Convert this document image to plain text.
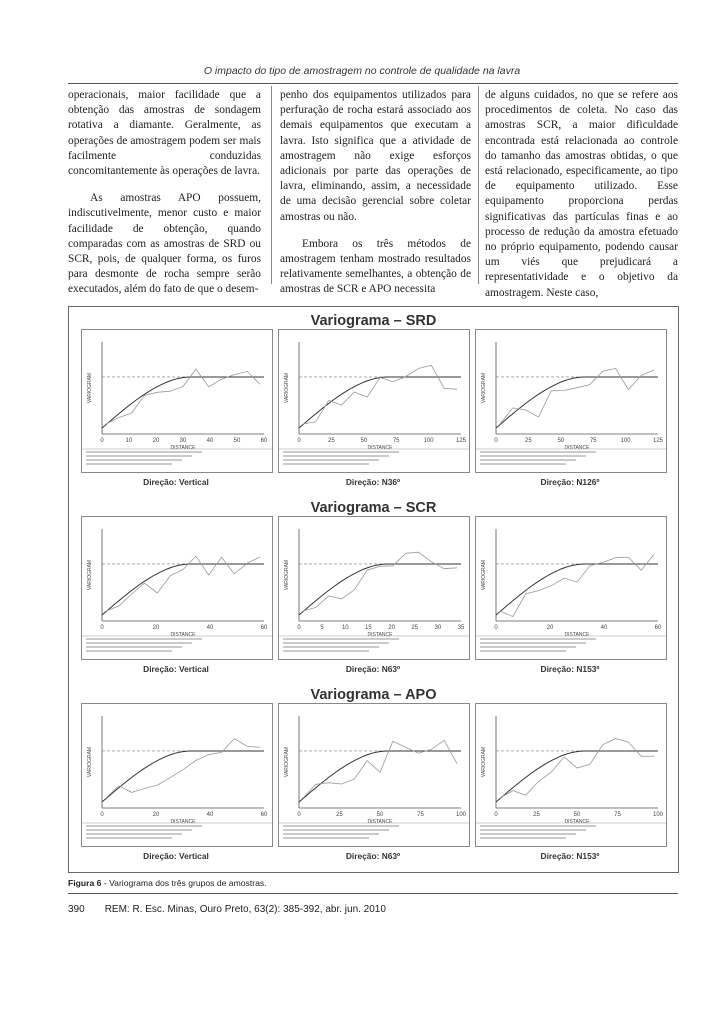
O impacto do tipo de amostragem no controle de qualidade na lavra

operacionais, maior facilidade que a obtenção das amostras de sondagem rotativa a diamante. Geralmente, as operações de amostragem podem ser mais facilmente conduzidas concomitantemente às operações de lavra.

As amostras APO possuem, indiscutivelmente, menor custo e maior facilidade de obtenção, quando comparadas com as amostras de SRD ou SCR, pois, de qualquer forma, os furos para desmonte de rocha sempre serão executados, além do fato de que o desem-

penho dos equipamentos utilizados para perfuração de rocha estará associado aos demais equipamentos que executam a lavra. Isto significa que a atividade de amostragem não exige esforços adicionais por parte das operações de lavra, eliminando, assim, a necessidade de uma decisão gerencial sobre coletar amostras ou não.

Embora os três métodos de amostragem tenham mostrado resultados relativamente semelhantes, a obtenção de amostras de SCR e APO necessita

de alguns cuidados, no que se refere aos procedimentos de coleta. No caso das amostras SCR, a maior dificuldade encontrada está relacionada ao controle do tamanho das amostras obtidas, o que está relacionado, especificamente, ao tipo de equipamento utilizado. Esse equipamento proporciona perdas significativas das partículas finas e ao processo de redução da amostra efetuado no próprio equipamento, podendo causar um viés que prejudicará a representatividade e o objetivo da amostragem. Neste caso,

Variograma – SRD
0	10	20	30	40	50	60
DISTANCE
VARIOGRAM
Direção: Vertical
0	25	50	75	100	125
DISTANCE
VARIOGRAM
Direção: N36º
0	25	50	75	100	125
DISTANCE
VARIOGRAM
Direção: N126º
Variograma – SCR
0	20	40	60
DISTANCE
VARIOGRAM
Direção: Vertical
0	5	10	15	20	25	30	35
DISTANCE
VARIOGRAM
Direção: N63º
0	20	40	60
DISTANCE
VARIOGRAM
Direção: N153º
Variograma – APO
0	20	40	60
DISTANCE
VARIOGRAM
Direção: Vertical
0	25	50	75	100
DISTANCE
VARIOGRAM
Direção: N63º
0	25	50	75	100
DISTANCE
VARIOGRAM
Direção: N153º
Figura 6 - Variograma dos três grupos de amostras.
390 REM: R. Esc. Minas, Ouro Preto, 63(2): 385-392, abr. jun. 2010
